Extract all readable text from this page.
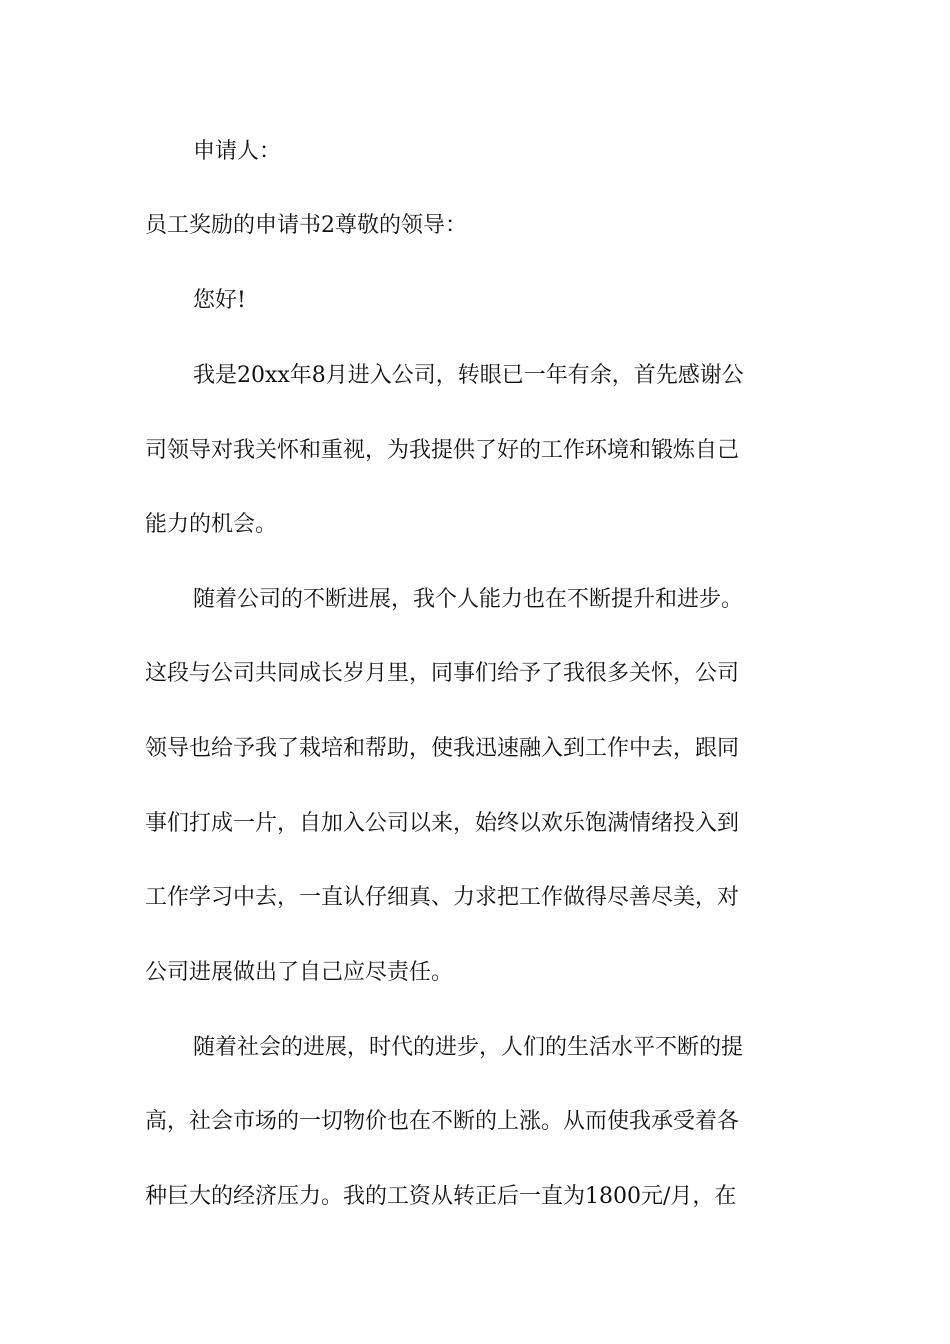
申请人：

员工奖励的申请书2尊敬的领导：

您好!

我是20xx年8月进入公司，转眼已一年有余，首先感谢公

司领导对我关怀和重视，为我提供了好的工作环境和锻炼自己

能力的机会。

随着公司的不断进展，我个人能力也在不断提升和进步。

这段与公司共同成长岁月里，同事们给予了我很多关怀，公司

领导也给予我了栽培和帮助，使我迅速融入到工作中去，跟同

事们打成一片，自加入公司以来，始终以欢乐饱满情绪投入到

工作学习中去，一直认仔细真、力求把工作做得尽善尽美，对

公司进展做出了自己应尽责任。

随着社会的进展，时代的进步，人们的生活水平不断的提

高，社会市场的一切物价也在不断的上涨。从而使我承受着各

种巨大的经济压力。我的工资从转正后一直为1800元/月，在
